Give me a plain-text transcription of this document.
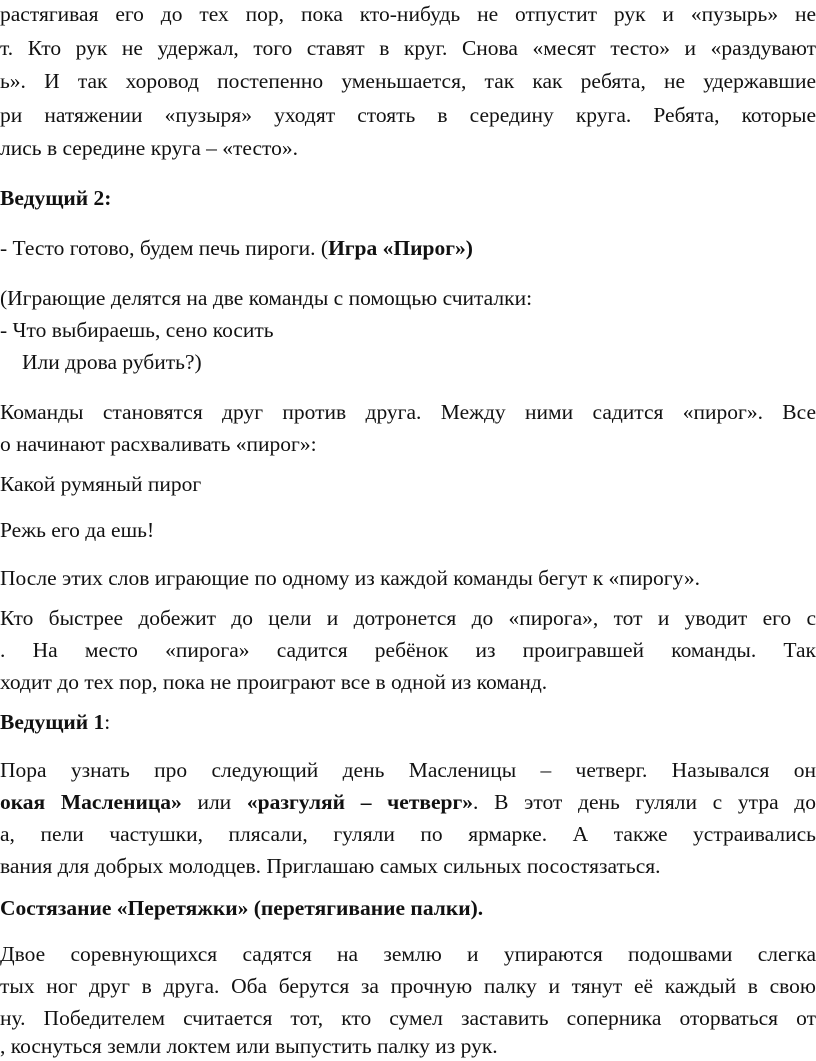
растягивая его до тех пор, пока кто-нибудь не отпустит рук и «пузырь» не
т. Кто рук не удержал, того ставят в круг. Снова «месят тесто» и «раздувают
ь». И так хоровод постепенно уменьшается, так как ребята, не удержавшие
ри натяжении «пузыря» уходят стоять в середину круга. Ребята, которые
лись в середине круга – «тесто».
Ведущий 2:
- Тесто готово, будем печь пироги. (Игра «Пирог»)
(Играющие делятся на две команды с помощью считалки:
- Что выбираешь, сено косить
Или дрова рубить?)
Команды становятся друг против друга. Между ними садится «пирог». Все
о начинают расхваливать «пирог»:
Какой румяный пирог
Режь его да ешь!
После этих слов играющие по одному из каждой команды бегут к «пирогу».
Кто быстрее добежит до цели и дотронется до «пирога», тот и уводит его с
. На место «пирога» садится ребёнок из проигравшей команды. Так
ходит до тех пор, пока не проиграют все в одной из команд.
Ведущий 1:
Пора узнать про следующий день Масленицы – четверг. Назывался он
окая Масленица» или «разгуляй – четверг». В этот день гуляли с утра до
а, пели частушки, плясали, гуляли по ярмарке. А также устраивались
вания для добрых молодцев. Приглашаю самых сильных посостязаться.
Состязание «Перетяжки» (перетягивание палки).
Двое соревнующихся садятся на землю и упираются подошвами слегка
тых ног друг в друга. Оба берутся за прочную палку и тянут её каждый в свою
ну. Победителем считается тот, кто сумел заставить соперника оторваться от
, коснуться земли локтем или выпустить палку из рук.
